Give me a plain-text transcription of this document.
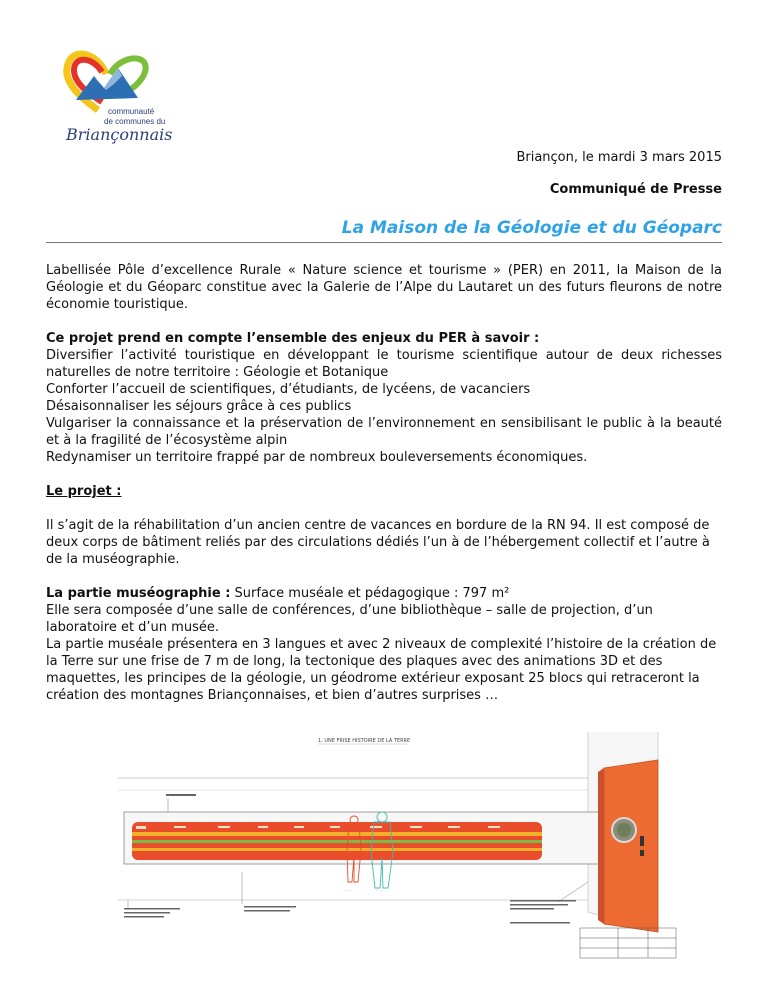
communauté
de communes du
Briançonnais
Briançon, le mardi 3 mars 2015
Communiqué de Presse
La Maison de la Géologie et du Géoparc

Labellisée Pôle d’excellence Rurale « Nature science et tourisme » (PER) en 2011, la Maison de la Géologie et du Géoparc constitue avec la Galerie de l’Alpe du Lautaret un des futurs fleurons de notre économie touristique.

Ce projet prend en compte l’ensemble des enjeux du PER à savoir :

Diversifier l’activité touristique en développant le tourisme scientifique autour de deux richesses naturelles de notre territoire : Géologie et Botanique

Conforter l’accueil de scientifiques, d’étudiants, de lycéens, de vacanciers

Désaisonnaliser les séjours grâce à ces publics

Vulgariser la connaissance et la préservation de l’environnement en sensibilisant le public à la beauté et à la fragilité de l’écosystème alpin

Redynamiser un territoire frappé par de nombreux bouleversements économiques.

Le projet :

Il s’agit de la réhabilitation d’un ancien centre de vacances en bordure de la RN 94. Il est composé de deux corps de bâtiment reliés par des circulations dédiés l’un à de l’hébergement collectif et l’autre à de la muséographie.

La partie muséographie : Surface muséale et pédagogique : 797 m²

Elle sera composée d’une salle de conférences, d’une bibliothèque – salle de projection, d’un laboratoire et d’un musée.

La partie muséale présentera en 3 langues et avec 2 niveaux de complexité l’histoire de la création de la Terre sur une frise de 7 m de long, la tectonique des plaques avec des animations 3D et des maquettes, les principes de la géologie, un géodrome extérieur exposant 25 blocs qui retraceront la création des montagnes Briançonnaises, et bien d’autres surprises …

1. UNE FRISE HISTOIRE DE LA TERRE
· · ·	· · ·
